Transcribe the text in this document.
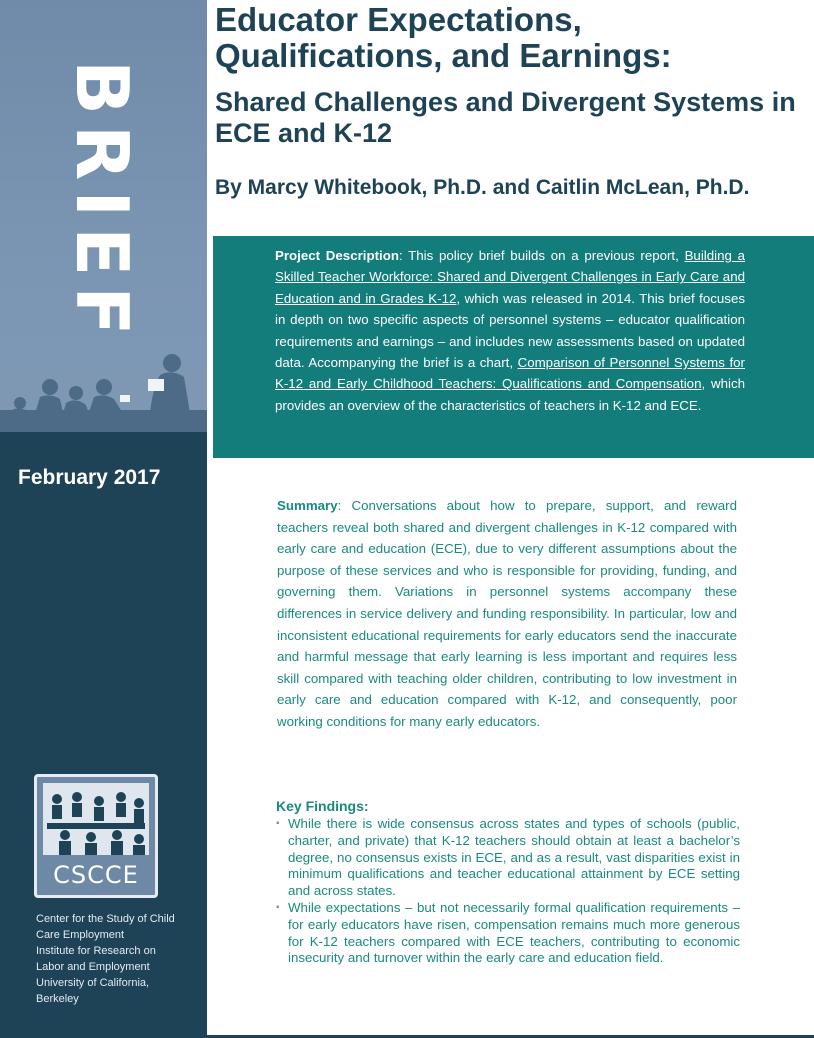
BRIEF
February 2017
CSCCE
Center for the Study of Child
Care Employment
Institute for Research on
Labor and Employment
University of California,
Berkeley
Educator Expectations, Qualifications, and Earnings:
Shared Challenges and Divergent Systems in ECE and K-12
By Marcy Whitebook, Ph.D. and Caitlin McLean, Ph.D.

Project Description: This policy brief builds on a previous report, Building a Skilled Teacher Workforce: Shared and Divergent Challenges in Early Care and Education and in Grades K-12, which was released in 2014. This brief focuses in depth on two specific aspects of personnel systems – educator qualification requirements and earnings – and includes new assessments based on updated data. Accompanying the brief is a chart, Comparison of Personnel Systems for K-12 and Early Childhood Teachers: Qualifications and Compensation, which provides an overview of the characteristics of teachers in K-12 and ECE.

Summary: Conversations about how to prepare, support, and reward teachers reveal both shared and divergent challenges in K-12 compared with early care and education (ECE), due to very different assumptions about the purpose of these services and who is responsible for providing, funding, and governing them. Variations in personnel systems accompany these differences in service delivery and funding responsibility. In particular, low and inconsistent educational requirements for early educators send the inaccurate and harmful message that early learning is less important and requires less skill compared with teaching older children, contributing to low investment in early care and education compared with K-12, and consequently, poor working conditions for many early educators.

Key Findings:
▪ While there is wide consensus across states and types of schools (public, charter, and private) that K-12 teachers should obtain at least a bachelor’s degree, no consensus exists in ECE, and as a result, vast disparities exist in minimum qualifications and teacher educational attainment by ECE setting and across states.
▪ While expectations – but not necessarily formal qualification requirements – for early educators have risen, compensation remains much more generous for K-12 teachers compared with ECE teachers, contributing to economic insecurity and turnover within the early care and education field.
